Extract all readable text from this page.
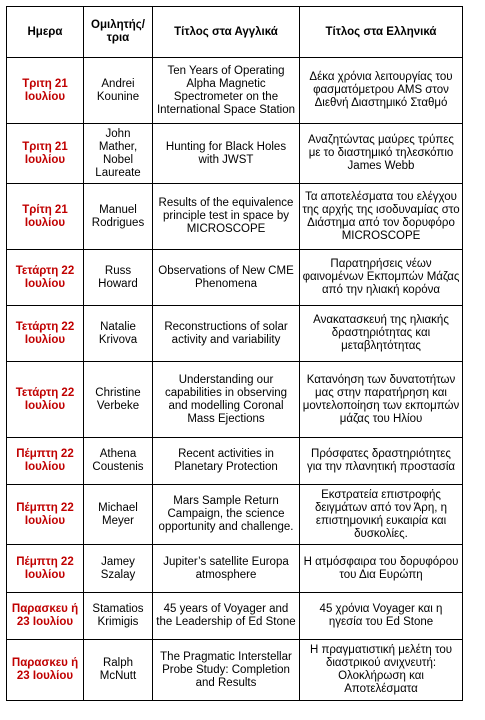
Ημερα	Ομιλητής/ τρια	Τίτλος στα Αγγλικά	Τίτλος στα Ελληνικά
Τριτη 21 Ιουλίου	Andrei Kounine	Ten Years of Operating Alpha Magnetic Spectrometer on the International Space Station	Δέκα χρόνια λειτουργίας του φασματόμετρου AMS στον Διεθνή Διαστημικό Σταθμό
Τριτη 21 Ιουλίου	John Mather, Nobel Laureate	Hunting for Black Holes with JWST	Αναζητώντας μαύρες τρύπες με το διαστημικό τηλεσκόπιο James Webb
Τρίτη 21 Ιουλίου	Manuel Rodrigues	Results of the equivalence principle test in space by MICROSCOPE	Τα αποτελέσματα του ελέγχου της αρχής της ισοδυναμίας στο Διάστημα από τον δορυφόρο MICROSCOPE
Τετάρτη 22 Ιουλίου	Russ Howard	Observations of New CME Phenomena	Παρατηρήσεις νέων φαινομένων Εκπομπών Μάζας από την ηλιακή κορόνα
Τετάρτη 22 Ιουλίου	Natalie Krivova	Reconstructions of solar activity and variability	Ανακατασκευή της ηλιακής δραστηριότητας και μεταβλητότητας
Τετάρτη 22 Ιουλίου	Christine Verbeke	Understanding our capabilities in observing and modelling Coronal Mass Ejections	Κατανόηση των δυνατοτήτων μας στην παρατήρηση και μοντελοποίηση των εκπομπών μάζας του Ηλίου
Πέμπτη 22 Ιουλίου	Athena Coustenis	Recent activities in Planetary Protection	Πρόσφατες δραστηριότητες για την πλανητική προστασία
Πέμπτη 22 Ιουλίου	Michael Meyer	Mars Sample Return Campaign, the science opportunity and challenge.	Εκστρατεία επιστροφής δειγμάτων από τον Άρη, η επιστημονική ευκαιρία και δυσκολίες.
Πέμπτη 22 Ιουλίου	Jamey Szalay	Jupiter’s satellite Europa atmosphere	Η ατμόσφαιρα του δορυφόρου του Δια Ευρώπη
Παρασκευ ή 23 Ιουλίου	Stamatios Krimigis	45 years of Voyager and the Leadership of Ed Stone	45 χρόνια Voyager και η ηγεσία του Ed Stone
Παρασκευ ή 23 Ιουλίου	Ralph McNutt	The Pragmatic Interstellar Probe Study: Completion and Results	Η πραγματιστική μελέτη του διαστρικού ανιχνευτή: Ολοκλήρωση και Αποτελέσματα
